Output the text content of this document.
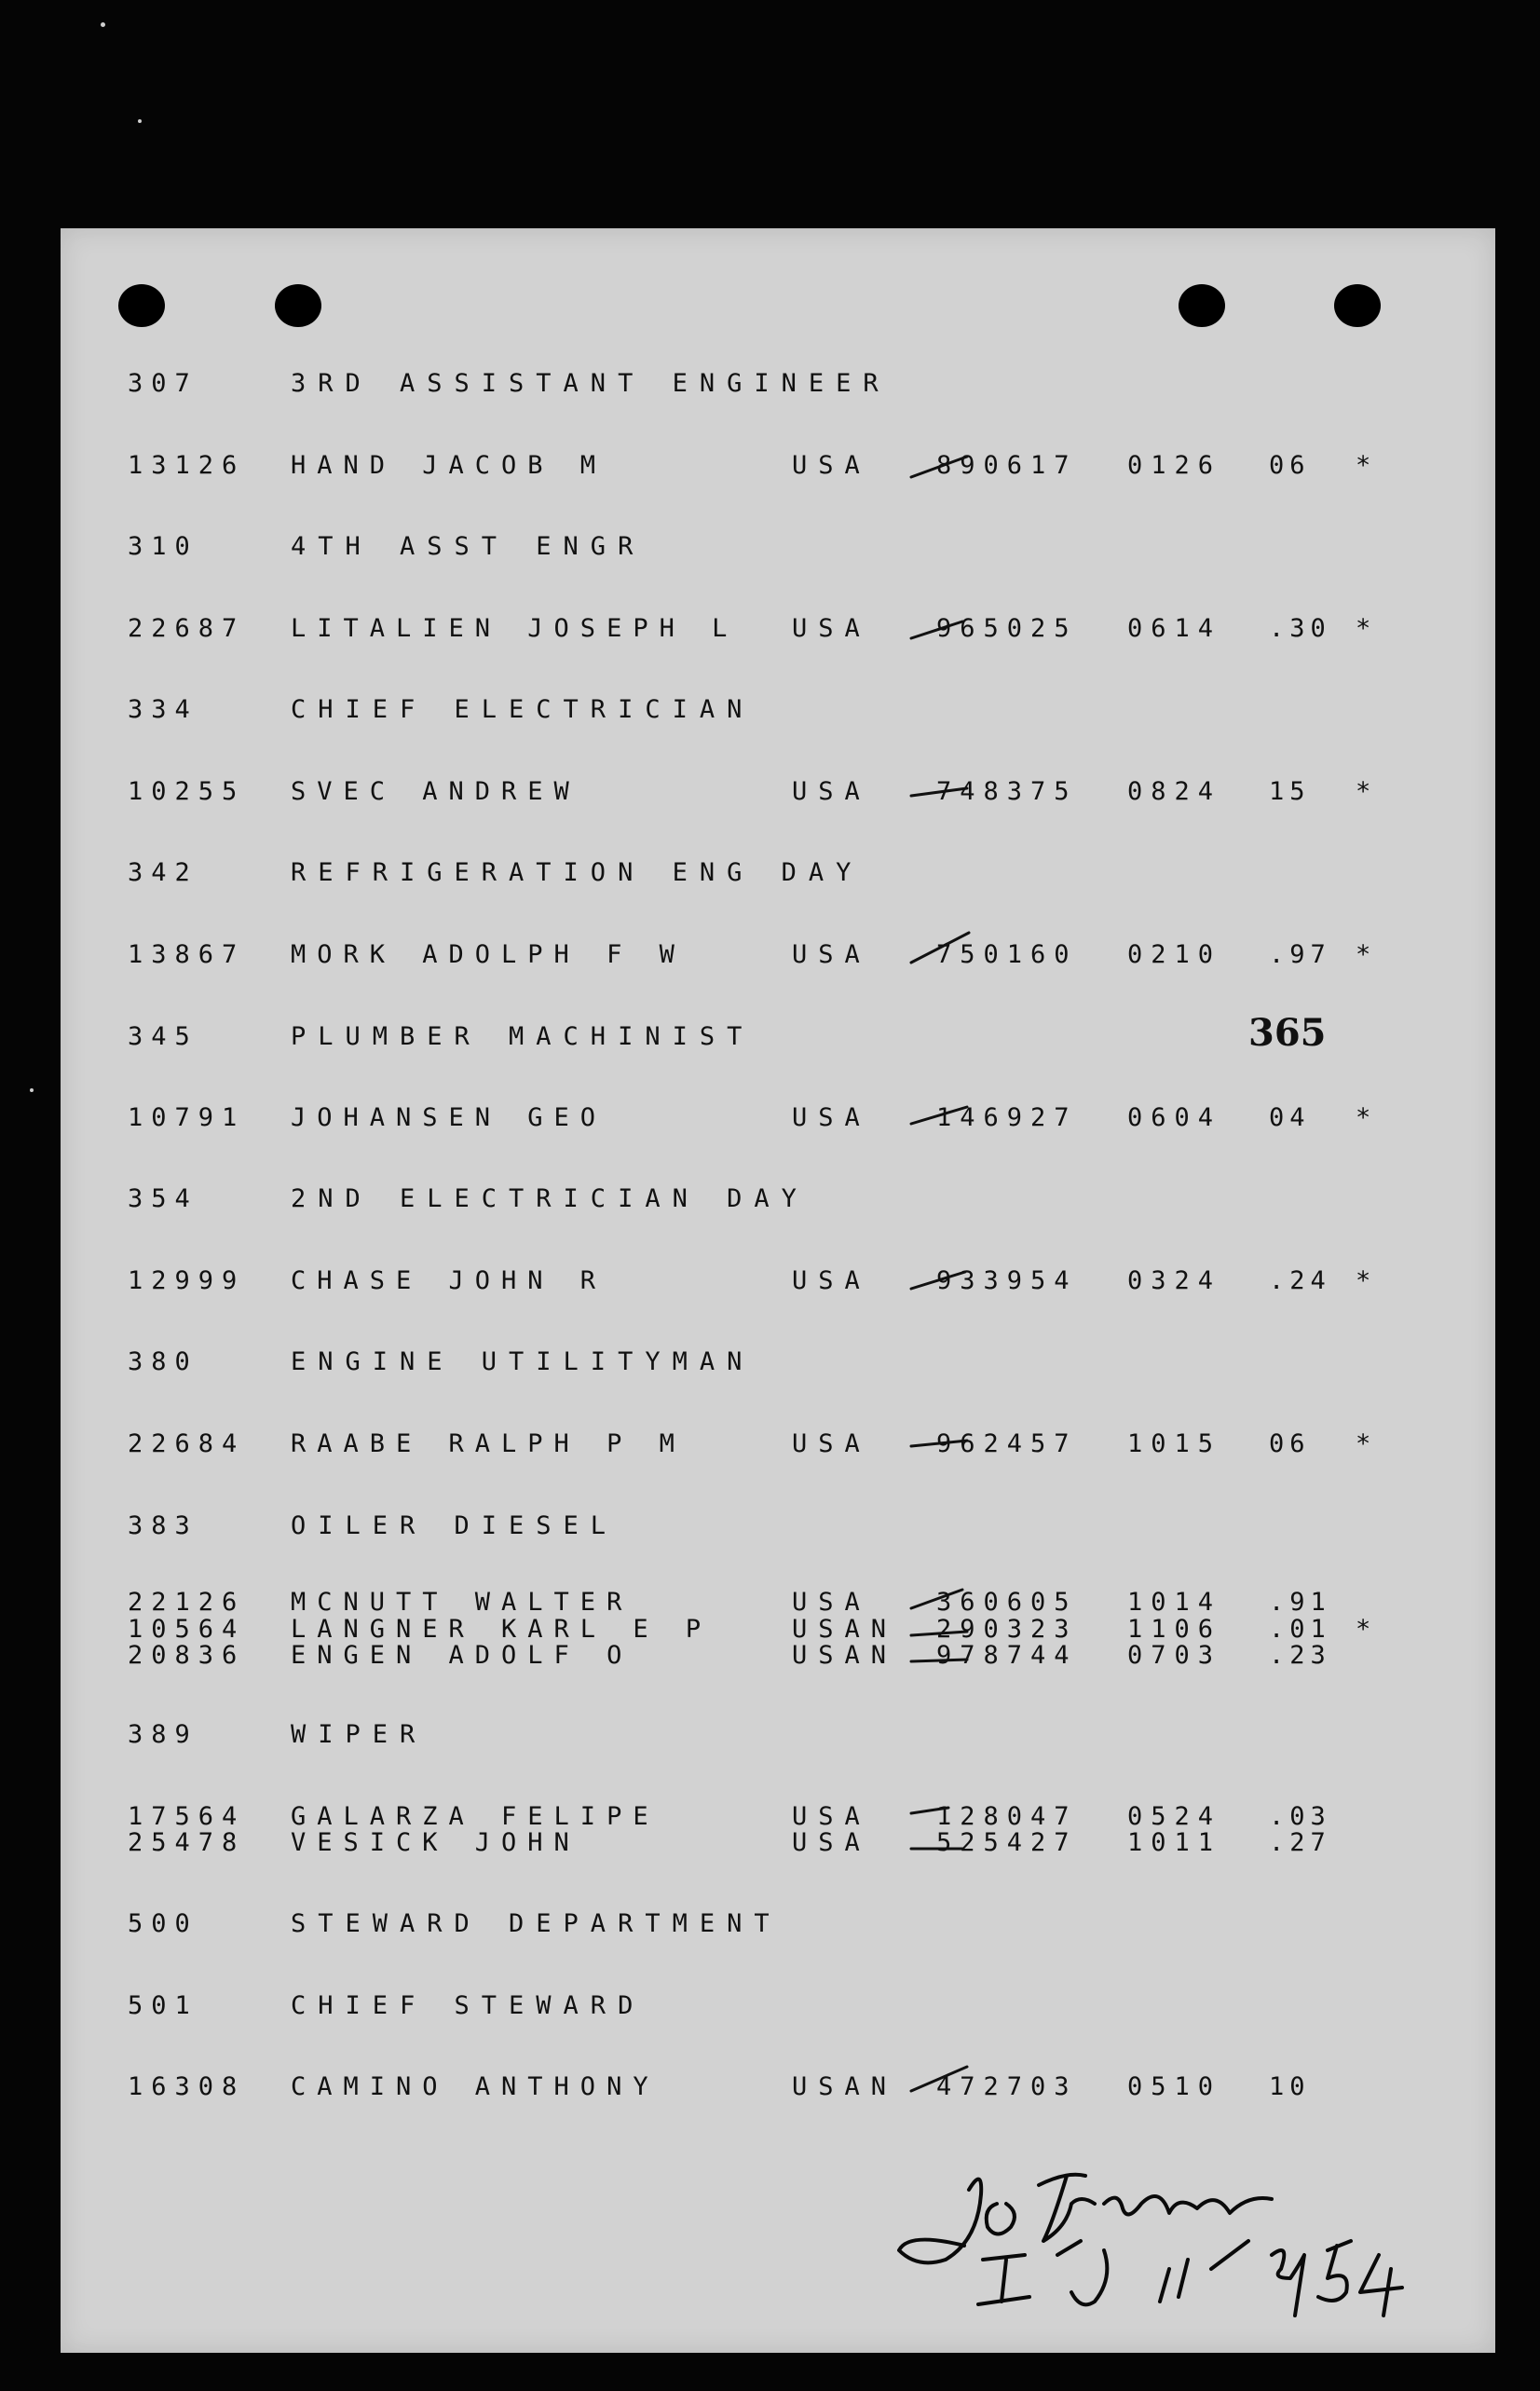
307	3RD ASSISTANT ENGINEER
13126 HAND JACOB M	USA	890617 0126 06 *
310	4TH ASST ENGR
22687 LITALIEN JOSEPH L USA	965025 0614 .30 *
334	CHIEF ELECTRICIAN
10255 SVEC ANDREW	USA	748375 0824 15 *
342	REFRIGERATION ENG DAY
13867 MORK ADOLPH F W	USA	750160 0210 .97 *
345	PLUMBER MACHINIST
10791 JOHANSEN GEO	USA	146927 0604 04 *
354	2ND ELECTRICIAN DAY
12999 CHASE JOHN R	USA	933954 0324 .24 *
380	ENGINE UTILITYMAN
22684 RAABE RALPH P M	USA	962457 1015 06 *
383	OILER DIESEL
22126 MCNUTT WALTER	USA	360605 1014 .91
10564 LANGNER KARL E P	USAN 290323 1106 .01 *
20836 ENGEN ADOLF O	USAN 978744 0703 .23
389	WIPER
17564 GALARZA FELIPE	USA	128047 0524 .03
25478 VESICK JOHN	USA	525427 1011 .27
500	STEWARD DEPARTMENT
501	CHIEF STEWARD
16308 CAMINO ANTHONY	USAN 472703 0510 10
365
